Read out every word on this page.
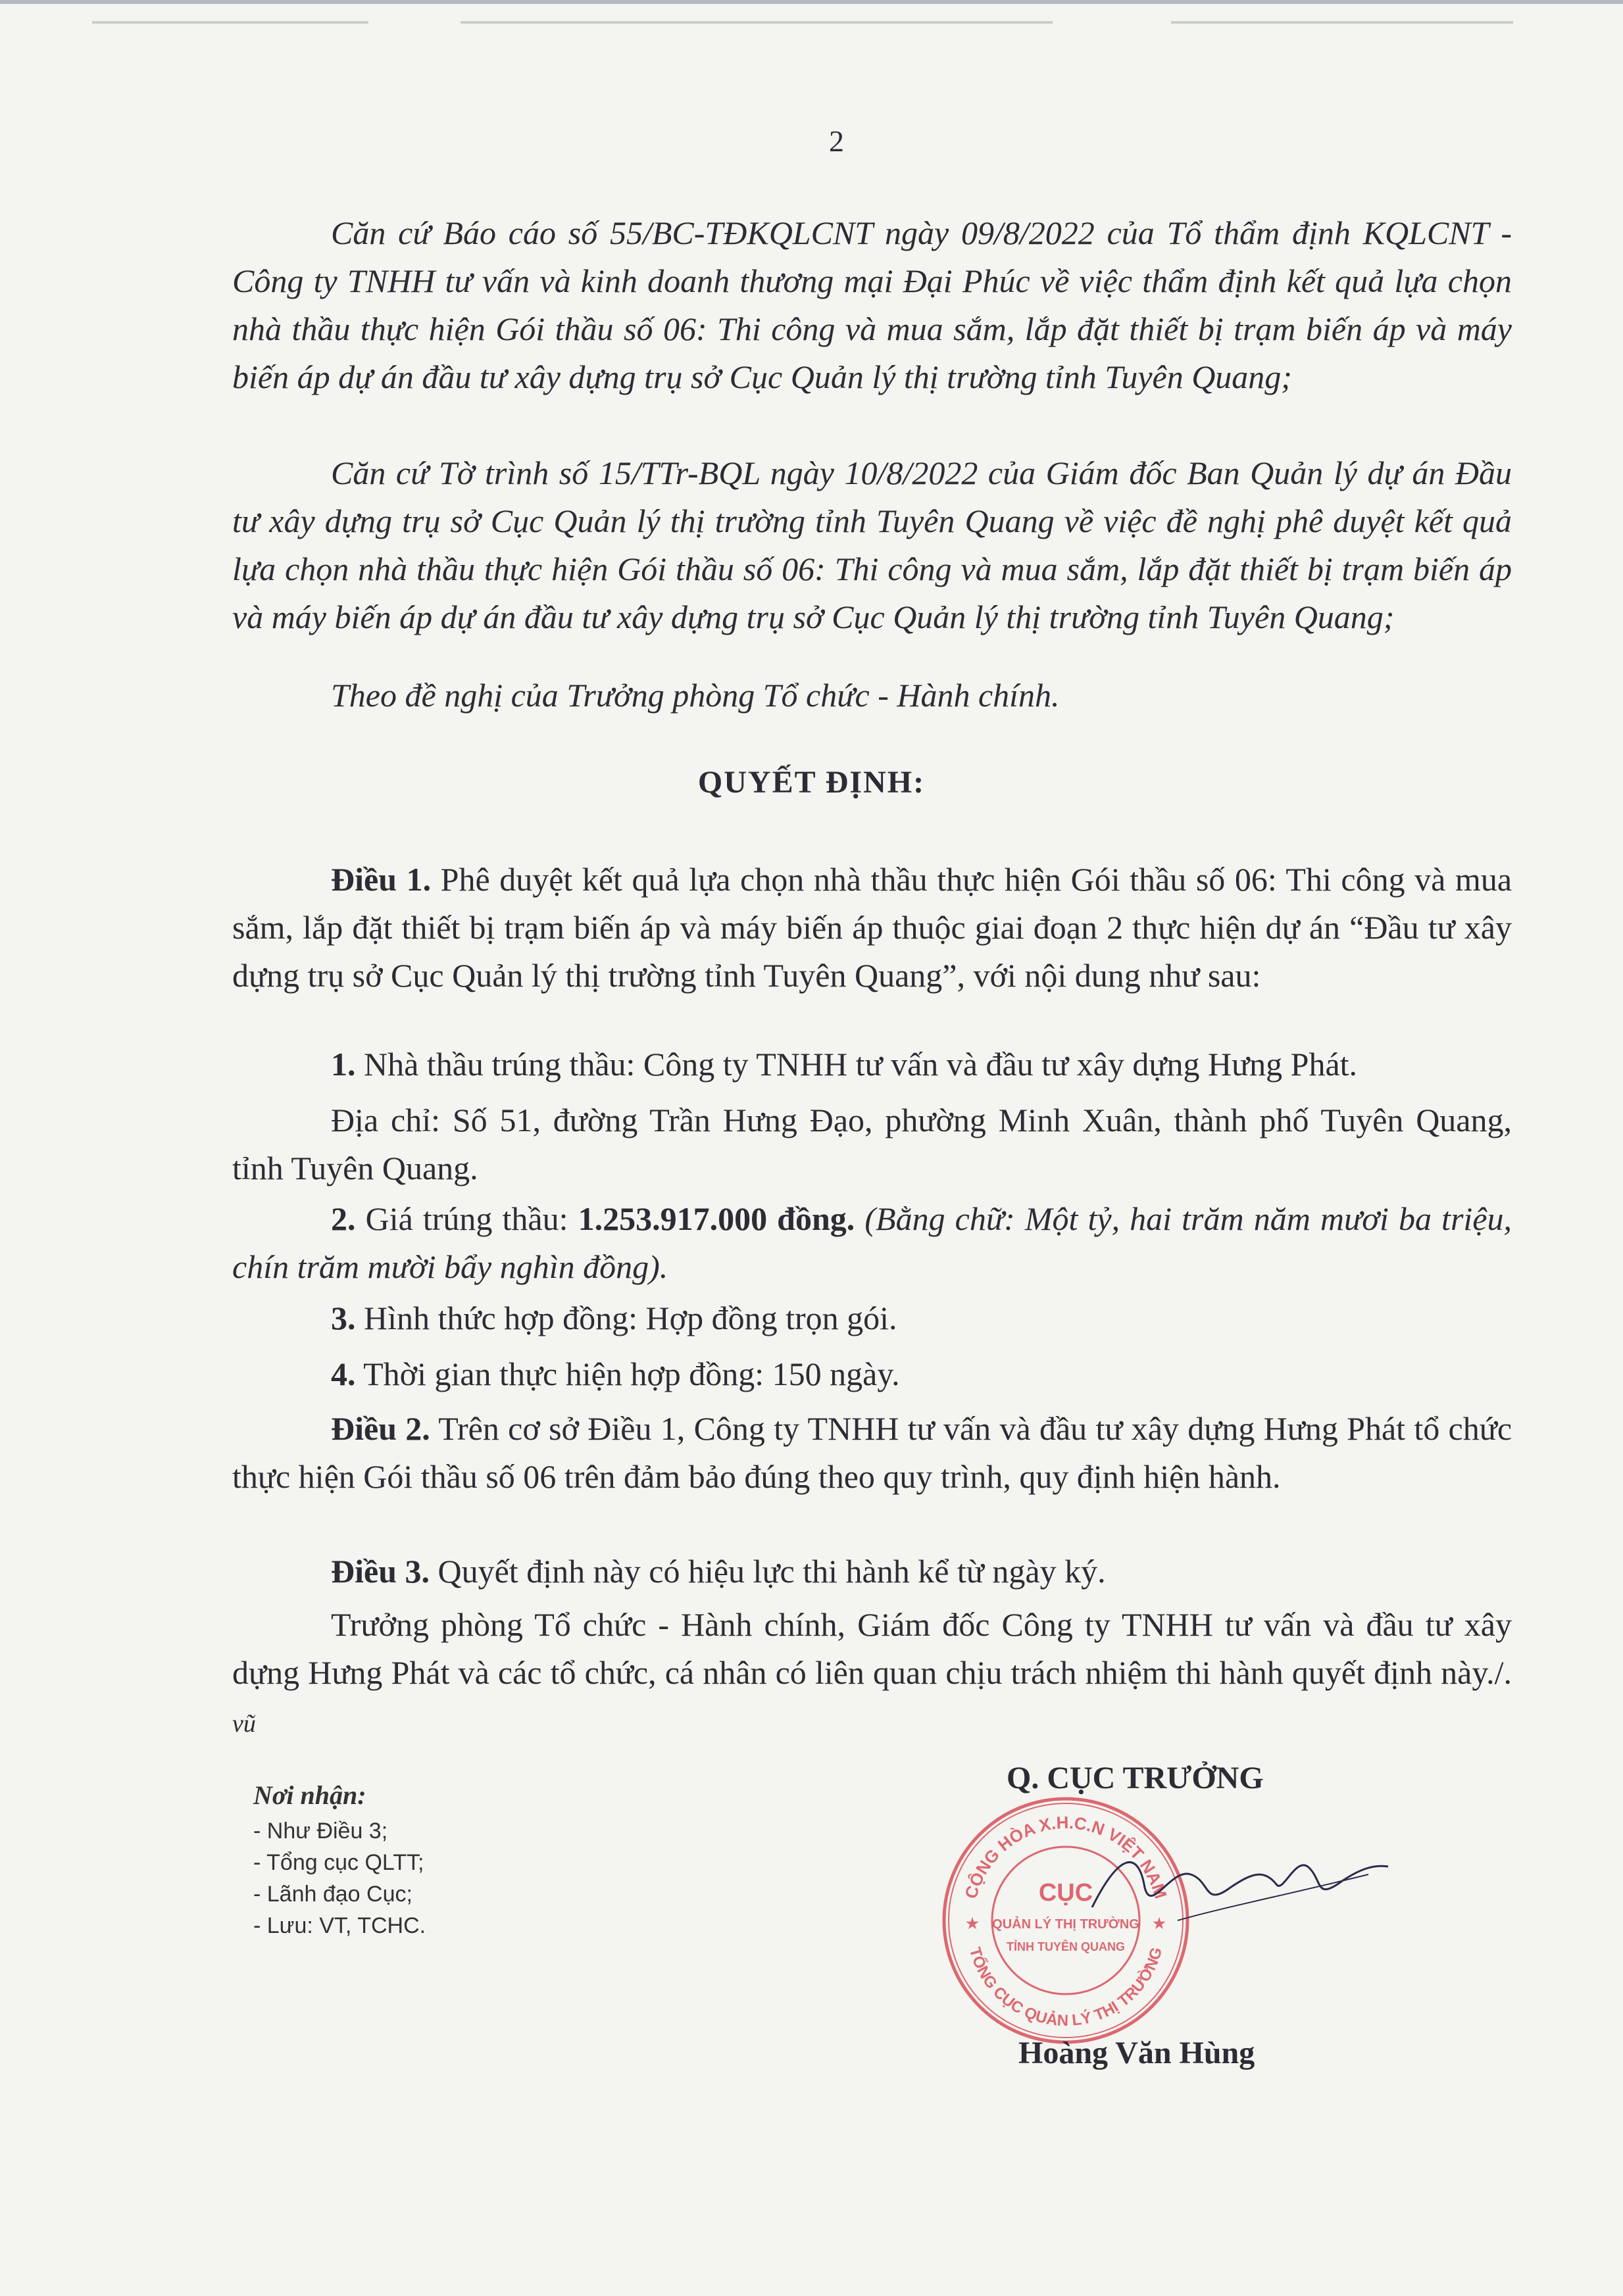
2

Căn cứ Báo cáo số 55/BC-TĐKQLCNT ngày 09/8/2022 của Tổ thẩm định KQLCNT - Công ty TNHH tư vấn và kinh doanh thương mại Đại Phúc về việc thẩm định kết quả lựa chọn nhà thầu thực hiện Gói thầu số 06: Thi công và mua sắm, lắp đặt thiết bị trạm biến áp và máy biến áp dự án đầu tư xây dựng trụ sở Cục Quản lý thị trường tỉnh Tuyên Quang;

Căn cứ Tờ trình số 15/TTr-BQL ngày 10/8/2022 của Giám đốc Ban Quản lý dự án Đầu tư xây dựng trụ sở Cục Quản lý thị trường tỉnh Tuyên Quang về việc đề nghị phê duyệt kết quả lựa chọn nhà thầu thực hiện Gói thầu số 06: Thi công và mua sắm, lắp đặt thiết bị trạm biến áp và máy biến áp dự án đầu tư xây dựng trụ sở Cục Quản lý thị trường tỉnh Tuyên Quang;

Theo đề nghị của Trưởng phòng Tổ chức - Hành chính.

QUYẾT ĐỊNH:

Điều 1. Phê duyệt kết quả lựa chọn nhà thầu thực hiện Gói thầu số 06: Thi công và mua sắm, lắp đặt thiết bị trạm biến áp và máy biến áp thuộc giai đoạn 2 thực hiện dự án “Đầu tư xây dựng trụ sở Cục Quản lý thị trường tỉnh Tuyên Quang”, với nội dung như sau:

1. Nhà thầu trúng thầu: Công ty TNHH tư vấn và đầu tư xây dựng Hưng Phát.

Địa chỉ: Số 51, đường Trần Hưng Đạo, phường Minh Xuân, thành phố Tuyên Quang, tỉnh Tuyên Quang.

2. Giá trúng thầu: 1.253.917.000 đồng. (Bằng chữ: Một tỷ, hai trăm năm mươi ba triệu, chín trăm mười bẩy nghìn đồng).

3. Hình thức hợp đồng: Hợp đồng trọn gói.

4. Thời gian thực hiện hợp đồng: 150 ngày.

Điều 2. Trên cơ sở Điều 1, Công ty TNHH tư vấn và đầu tư xây dựng Hưng Phát tổ chức thực hiện Gói thầu số 06 trên đảm bảo đúng theo quy trình, quy định hiện hành.

Điều 3. Quyết định này có hiệu lực thi hành kể từ ngày ký.

Trưởng phòng Tổ chức - Hành chính, Giám đốc Công ty TNHH tư vấn và đầu tư xây dựng Hưng Phát và các tổ chức, cá nhân có liên quan chịu trách nhiệm thi hành quyết định này./. vũ

Nơi nhận:
- Như Điều 3;
- Tổng cục QLTT;
- Lãnh đạo Cục;
- Lưu: VT, TCHC.
Q. CỤC TRƯỞNG
CỘNG HÒA X.H.C.N VIỆT NAM
TỔNG CỤC QUẢN LÝ THỊ TRƯỜNG
CỤC
QUẢN LÝ THỊ TRƯỜNG
TỈNH TUYÊN QUANG
★	★
Hoàng Văn Hùng
